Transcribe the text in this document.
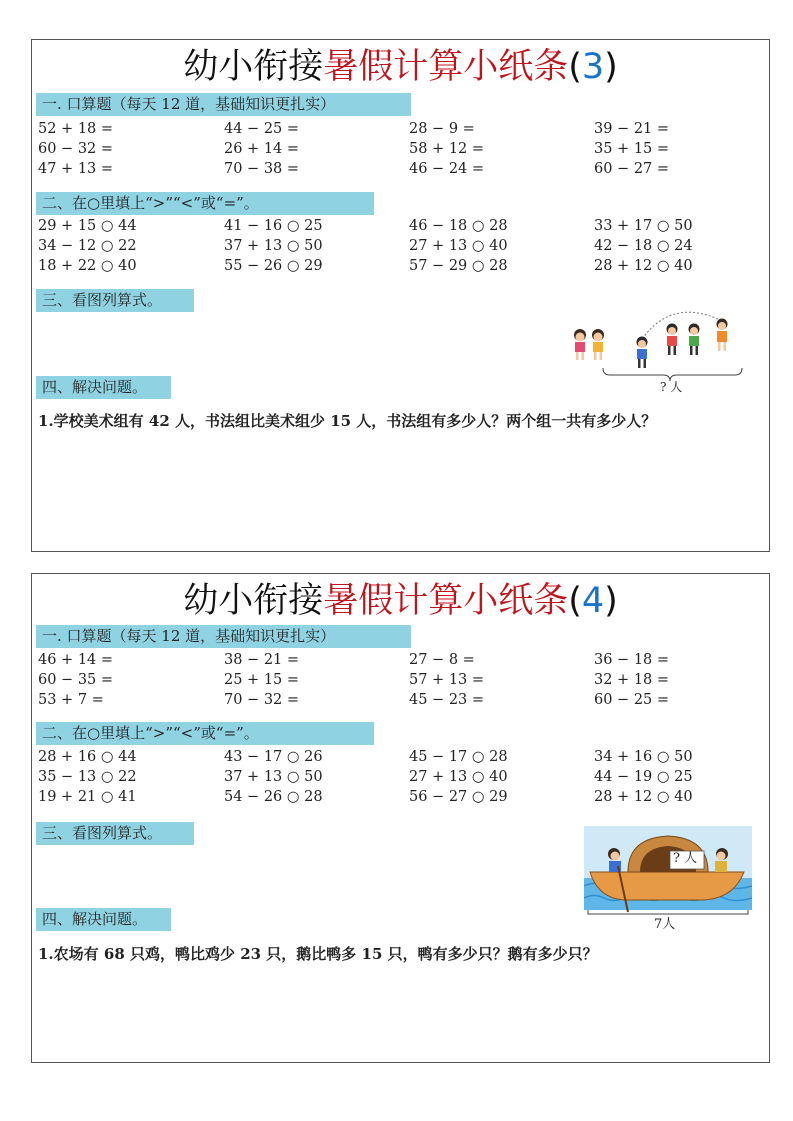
幼小衔接暑假计算小纸条(3)
一. 口算题（每天 12 道，基础知识更扎实）
52 + 18 =	44 − 25 =	28 − 9 =	39 − 21 =
60 − 32 =	26 + 14 =	58 + 12 =	35 + 15 =
47 + 13 =	70 − 38 =	46 − 24 =	60 − 27 =
二、在○里填上“>”“<”或“=”。
29 + 15 ○ 44	41 − 16 ○ 25	46 − 18 ○ 28	33 + 17 ○ 50
34 − 12 ○ 22	37 + 13 ○ 50	27 + 13 ○ 40	42 − 18 ○ 24
18 + 22 ○ 40	55 − 26 ○ 29	57 − 29 ○ 28	28 + 12 ○ 40
三、看图列算式。
? 人
四、解决问题。
1.学校美术组有 42 人，书法组比美术组少 15 人，书法组有多少人？两个组一共有多少人？
幼小衔接暑假计算小纸条(4)
一. 口算题（每天 12 道，基础知识更扎实）
46 + 14 =	38 − 21 =	27 − 8 =	36 − 18 =
60 − 35 =	25 + 15 =	57 + 13 =	32 + 18 =
53 + 7 =	70 − 32 =	45 − 23 =	60 − 25 =
二、在○里填上“>”“<”或“=”。
28 + 16 ○ 44	43 − 17 ○ 26	45 − 17 ○ 28	34 + 16 ○ 50
35 − 13 ○ 22	37 + 13 ○ 50	27 + 13 ○ 40	44 − 19 ○ 25
19 + 21 ○ 41	54 − 26 ○ 28	56 − 27 ○ 29	28 + 12 ○ 40
三、看图列算式。
? 人
7人
四、解决问题。
1.农场有 68 只鸡，鸭比鸡少 23 只，鹅比鸭多 15 只，鸭有多少只？鹅有多少只？
